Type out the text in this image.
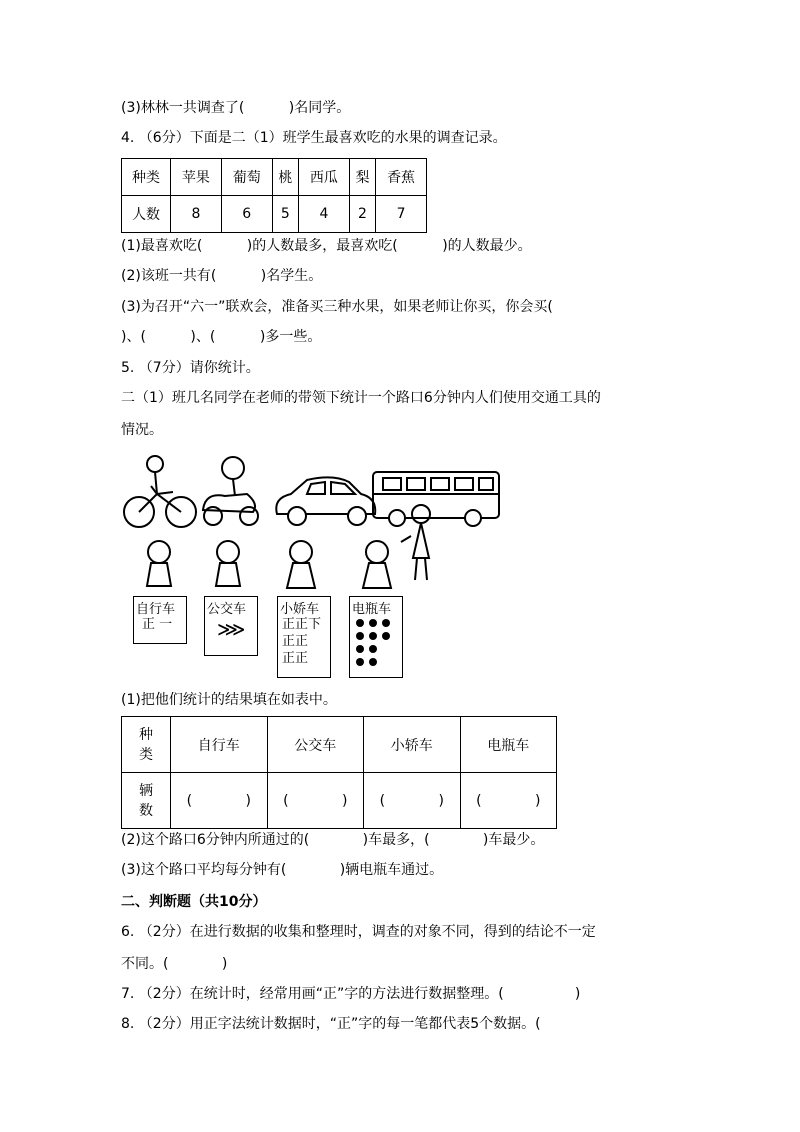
(3)林林一共调查了(          )名同学。
4. （6分）下面是二（1）班学生最喜欢吃的水果的调查记录。
种类	苹果	葡萄	桃	西瓜	梨	香蕉
人数	8	6	5	4	2	7
(1)最喜欢吃(          )的人数最多，最喜欢吃(          )的人数最少。
(2)该班一共有(          )名学生。
(3)为召开“六一”联欢会，准备买三种水果，如果老师让你买，你会买(
)、(          )、(          )多一些。
5. （7分）请你统计。
二（1）班几名同学在老师的带领下统计一个路口6分钟内人们使用交通工具的
情况。
自行车
正 一
公交车
⋙
小娇车
正正下
正正
正正
电瓶车
(1)把他们统计的结果填在如表中。
种
类	自行车	公交车	小轿车	电瓶车
辆
数	(            )	(            )	(            )	(            )
(2)这个路口6分钟内所通过的(            )车最多，(            )车最少。
(3)这个路口平均每分钟有(            )辆电瓶车通过。
二、判断题（共10分）
6. （2分）在进行数据的收集和整理时，调查的对象不同，得到的结论不一定
不同。(            )
7. （2分）在统计时，经常用画“正”字的方法进行数据整理。(                )
8. （2分）用正字法统计数据时，“正”字的每一笔都代表5个数据。(
